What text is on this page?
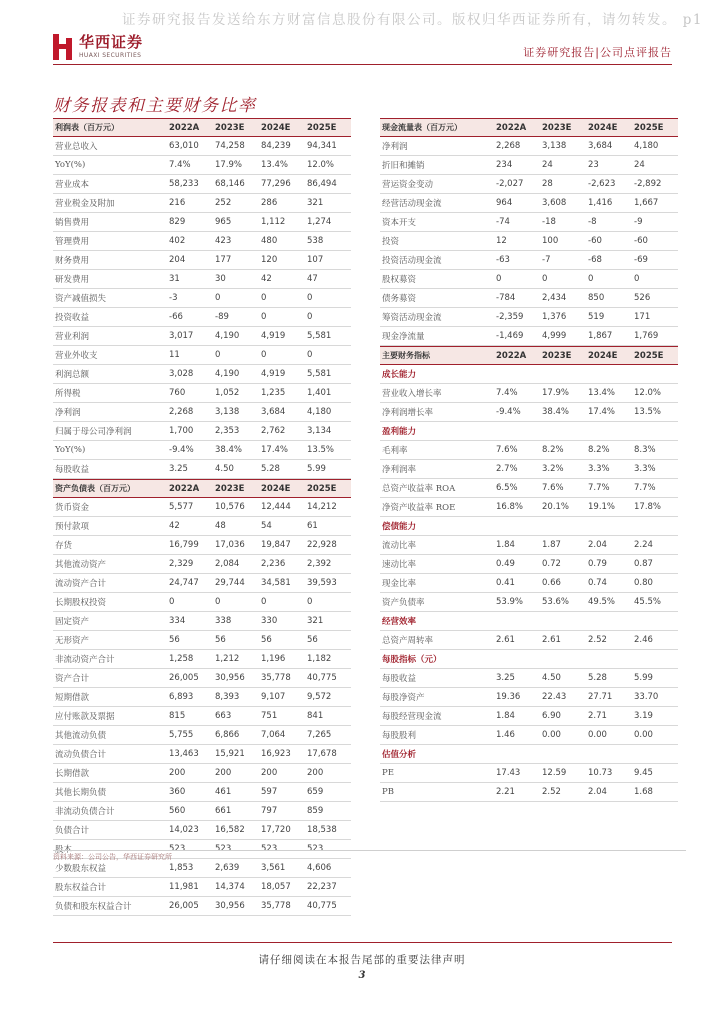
证券研究报告发送给东方财富信息股份有限公司。版权归华西证券所有，请勿转发。 p1
华西证券
HUAXI SECURITIES	证券研究报告|公司点评报告
财务报表和主要财务比率
利润表（百万元）	2022A	2023E	2024E	2025E
营业总收入	63,010	74,258	84,239	94,341
YoY(%)	7.4%	17.9%	13.4%	12.0%
营业成本	58,233	68,146	77,296	86,494
营业税金及附加	216	252	286	321
销售费用	829	965	1,112	1,274
管理费用	402	423	480	538
财务费用	204	177	120	107
研发费用	31	30	42	47
资产减值损失	-3	0	0	0
投资收益	-66	-89	0	0
营业利润	3,017	4,190	4,919	5,581
营业外收支	11	0	0	0
利润总额	3,028	4,190	4,919	5,581
所得税	760	1,052	1,235	1,401
净利润	2,268	3,138	3,684	4,180
归属于母公司净利润	1,700	2,353	2,762	3,134
YoY(%)	-9.4%	38.4%	17.4%	13.5%
每股收益	3.25	4.50	5.28	5.99
资产负债表（百万元）	2022A	2023E	2024E	2025E
货币资金	5,577	10,576	12,444	14,212
预付款项	42	48	54	61
存货	16,799	17,036	19,847	22,928
其他流动资产	2,329	2,084	2,236	2,392
流动资产合计	24,747	29,744	34,581	39,593
长期股权投资	0	0	0	0
固定资产	334	338	330	321
无形资产	56	56	56	56
非流动资产合计	1,258	1,212	1,196	1,182
资产合计	26,005	30,956	35,778	40,775
短期借款	6,893	8,393	9,107	9,572
应付账款及票据	815	663	751	841
其他流动负债	5,755	6,866	7,064	7,265
流动负债合计	13,463	15,921	16,923	17,678
长期借款	200	200	200	200
其他长期负债	360	461	597	659
非流动负债合计	560	661	797	859
负债合计	14,023	16,582	17,720	18,538
股本	523	523	523	523
少数股东权益	1,853	2,639	3,561	4,606
股东权益合计	11,981	14,374	18,057	22,237
负债和股东权益合计	26,005	30,956	35,778	40,775
现金流量表（百万元）	2022A	2023E	2024E	2025E
净利润	2,268	3,138	3,684	4,180
折旧和摊销	234	24	23	24
营运资金变动	-2,027	28	-2,623	-2,892
经营活动现金流	964	3,608	1,416	1,667
资本开支	-74	-18	-8	-9
投资	12	100	-60	-60
投资活动现金流	-63	-7	-68	-69
股权募资	0	0	0	0
债务募资	-784	2,434	850	526
筹资活动现金流	-2,359	1,376	519	171
现金净流量	-1,469	4,999	1,867	1,769
主要财务指标	2022A	2023E	2024E	2025E
成长能力
营业收入增长率	7.4%	17.9%	13.4%	12.0%
净利润增长率	-9.4%	38.4%	17.4%	13.5%
盈利能力
毛利率	7.6%	8.2%	8.2%	8.3%
净利润率	2.7%	3.2%	3.3%	3.3%
总资产收益率 ROA	6.5%	7.6%	7.7%	7.7%
净资产收益率 ROE	16.8%	20.1%	19.1%	17.8%
偿债能力
流动比率	1.84	1.87	2.04	2.24
速动比率	0.49	0.72	0.79	0.87
现金比率	0.41	0.66	0.74	0.80
资产负债率	53.9%	53.6%	49.5%	45.5%
经营效率
总资产周转率	2.61	2.61	2.52	2.46
每股指标（元）
每股收益	3.25	4.50	5.28	5.99
每股净资产	19.36	22.43	27.71	33.70
每股经营现金流	1.84	6.90	2.71	3.19
每股股利	1.46	0.00	0.00	0.00
估值分析
PE	17.43	12.59	10.73	9.45
PB	2.21	2.52	2.04	1.68
资料来源：公司公告，华西证券研究所
请仔细阅读在本报告尾部的重要法律声明
3
